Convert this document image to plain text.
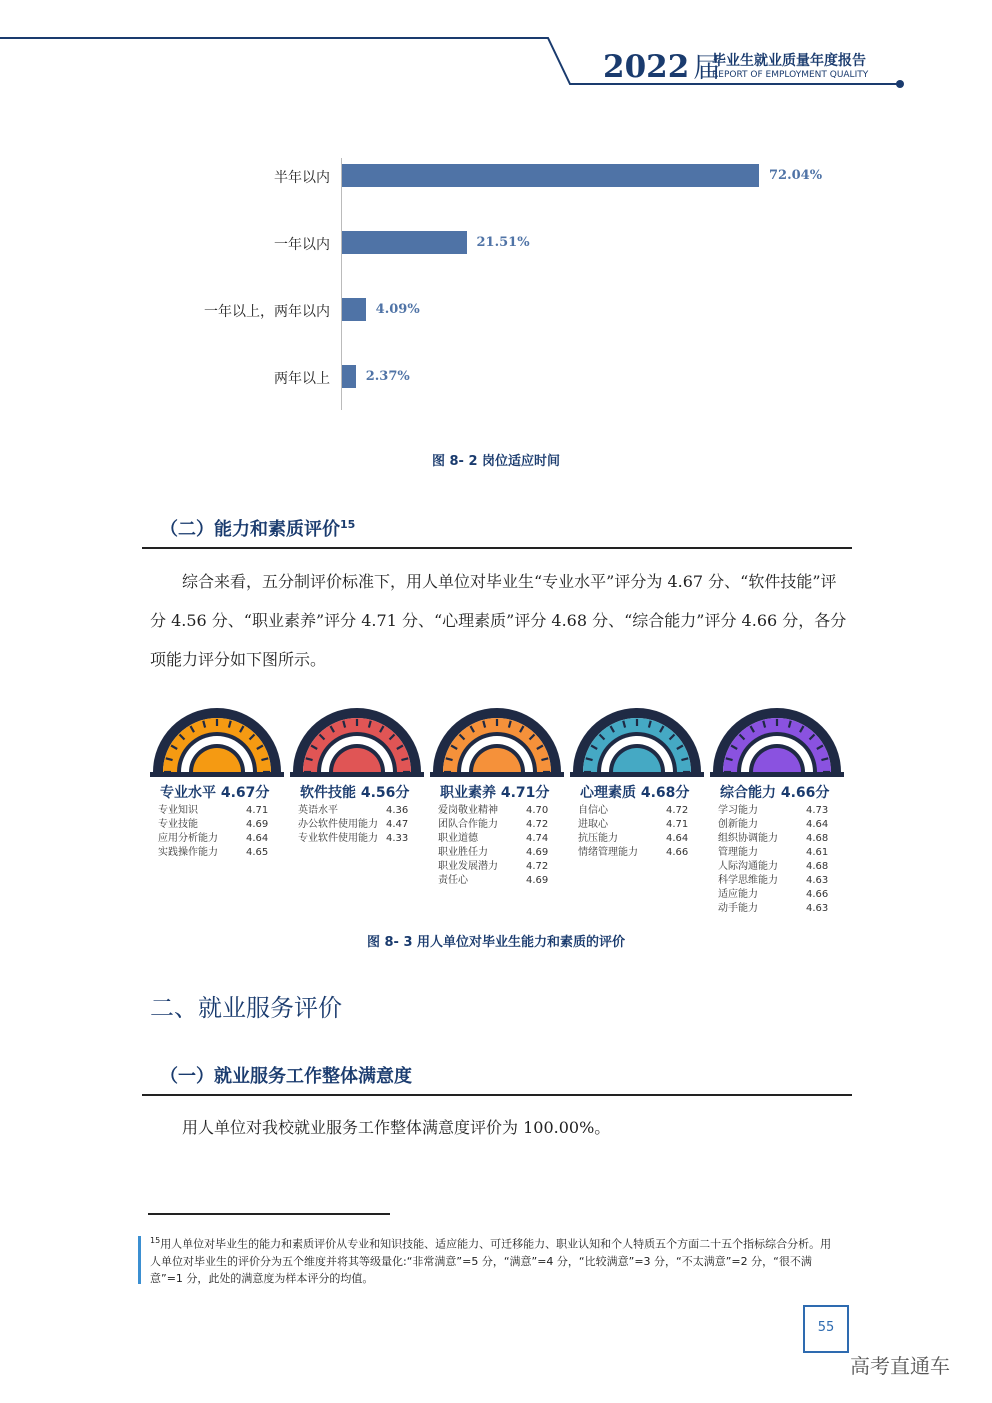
2022 届
毕业生就业质量年度报告
REPORT OF EMPLOYMENT QUALITY
半年以内	72.04%
一年以内	21.51%
一年以上，两年以内	4.09%
两年以上	2.37%
图 8- 2 岗位适应时间
（二）能力和素质评价$^{15}$

综合来看，五分制评价标准下，用人单位对毕业生“专业水平”评分为 4.67 分、“软件技能”评分 4.56 分、“职业素养”评分 4.71 分、“心理素质”评分 4.68 分、“综合能力”评分 4.66 分，各分项能力评分如下图所示。

专业水平 4.67分
专业知识	4.71
专业技能	4.69
应用分析能力	4.64
实践操作能力	4.65
软件技能 4.56分
英语水平	4.36
办公软件使用能力 4.47
专业软件使用能力 4.33
职业素养 4.71分
爱岗敬业精神	4.70
团队合作能力	4.72
职业道德	4.74
职业胜任力	4.69
职业发展潜力	4.72
责任心	4.69
心理素质 4.68分
自信心	4.72
进取心	4.71
抗压能力	4.64
情绪管理能力	4.66
综合能力 4.66分
学习能力	4.73
创新能力	4.64
组织协调能力	4.68
管理能力	4.61
人际沟通能力	4.68
科学思维能力	4.63
适应能力	4.66
动手能力	4.63
图 8- 3 用人单位对毕业生能力和素质的评价
二、就业服务评价
（一）就业服务工作整体满意度

用人单位对我校就业服务工作整体满意度评价为 100.00%。

$^{15}$用人单位对毕业生的能力和素质评价从专业和知识技能、适应能力、可迁移能力、职业认知和个人特质五个方面二十五个指标综合分析。用人单位对毕业生的评价分为五个维度并将其等级量化:“非常满意”=5 分，“满意”=4 分，“比较满意”=3 分，“不太满意”=2 分，“很不满意”=1 分，此处的满意度为样本评分的均值。
55
高考直通车
